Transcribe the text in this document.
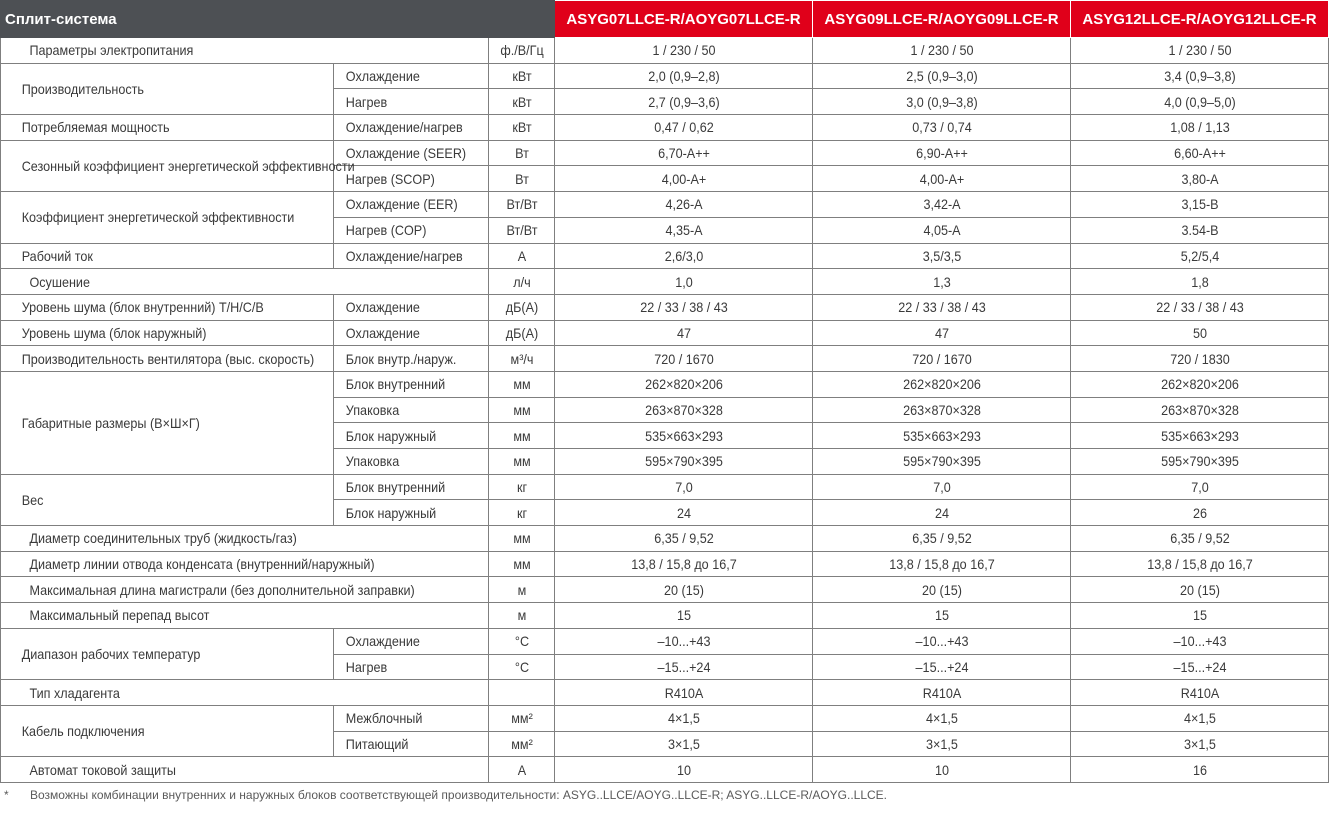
Сплит-система			ASYG07LLCE-R/AOYG07LLCE-R	ASYG09LLCE-R/AOYG09LLCE-R	ASYG12LLCE-R/AOYG12LLCE-R
Параметры электропитания		ф./В/Гц	1 / 230 / 50	1 / 230 / 50	1 / 230 / 50
Производительность	Охлаждение	кВт	2,0 (0,9–2,8)	2,5 (0,9–3,0)	3,4 (0,9–3,8)
	Нагрев	кВт	2,7 (0,9–3,6)	3,0 (0,9–3,8)	4,0 (0,9–5,0)
Потребляемая мощность	Охлаждение/нагрев	кВт	0,47 / 0,62	0,73 / 0,74	1,08 / 1,13
Сезонный коэффициент энергетической эффективности	Охлаждение (SEER)	Вт	6,70-А++	6,90-А++	6,60-А++
	Нагрев (SCOP)	Вт	4,00-А+	4,00-А+	3,80-А
Коэффициент энергетической эффективности	Охлаждение (EER)	Вт/Вт	4,26-А	3,42-А	3,15-В
	Нагрев (COP)	Вт/Вт	4,35-А	4,05-А	3.54-В
Рабочий ток	Охлаждение/нагрев	А	2,6/3,0	3,5/3,5	5,2/5,4
Осушение		л/ч	1,0	1,3	1,8
Уровень шума (блок внутренний) Т/Н/С/В	Охлаждение	дБ(А)	22 / 33 / 38 / 43	22 / 33 / 38 / 43	22 / 33 / 38 / 43
Уровень шума (блок наружный)	Охлаждение	дБ(А)	47	47	50
Производительность вентилятора (выс. скорость)	Блок внутр./наруж.	м³/ч	720 / 1670	720 / 1670	720 / 1830
Габаритные размеры (В×Ш×Г)	Блок внутренний	мм	262×820×206	262×820×206	262×820×206
	Упаковка	мм	263×870×328	263×870×328	263×870×328
	Блок наружный	мм	535×663×293	535×663×293	535×663×293
	Упаковка	мм	595×790×395	595×790×395	595×790×395
Вес	Блок внутренний	кг	7,0	7,0	7,0
	Блок наружный	кг	24	24	26
Диаметр соединительных труб (жидкость/газ)		мм	6,35 / 9,52	6,35 / 9,52	6,35 / 9,52
Диаметр линии отвода конденсата (внутренний/наружный)		мм	13,8 / 15,8 до 16,7	13,8 / 15,8 до 16,7	13,8 / 15,8 до 16,7
Максимальная длина магистрали (без дополнительной заправки)		м	20 (15)	20 (15)	20 (15)
Максимальный перепад высот		м	15	15	15
Диапазон рабочих температур	Охлаждение	°С	–10...+43	–10...+43	–10...+43
	Нагрев	°С	–15...+24	–15...+24	–15...+24
Тип хладагента			R410A	R410A	R410A
Кабель подключения	Межблочный	мм²	4×1,5	4×1,5	4×1,5
	Питающий	мм²	3×1,5	3×1,5	3×1,5
Автомат токовой защиты		А	10	10	16
* Возможны комбинации внутренних и наружных блоков соответствующей производительности: ASYG..LLCE/AOYG..LLCE-R; ASYG..LLCE-R/AOYG..LLCE.
